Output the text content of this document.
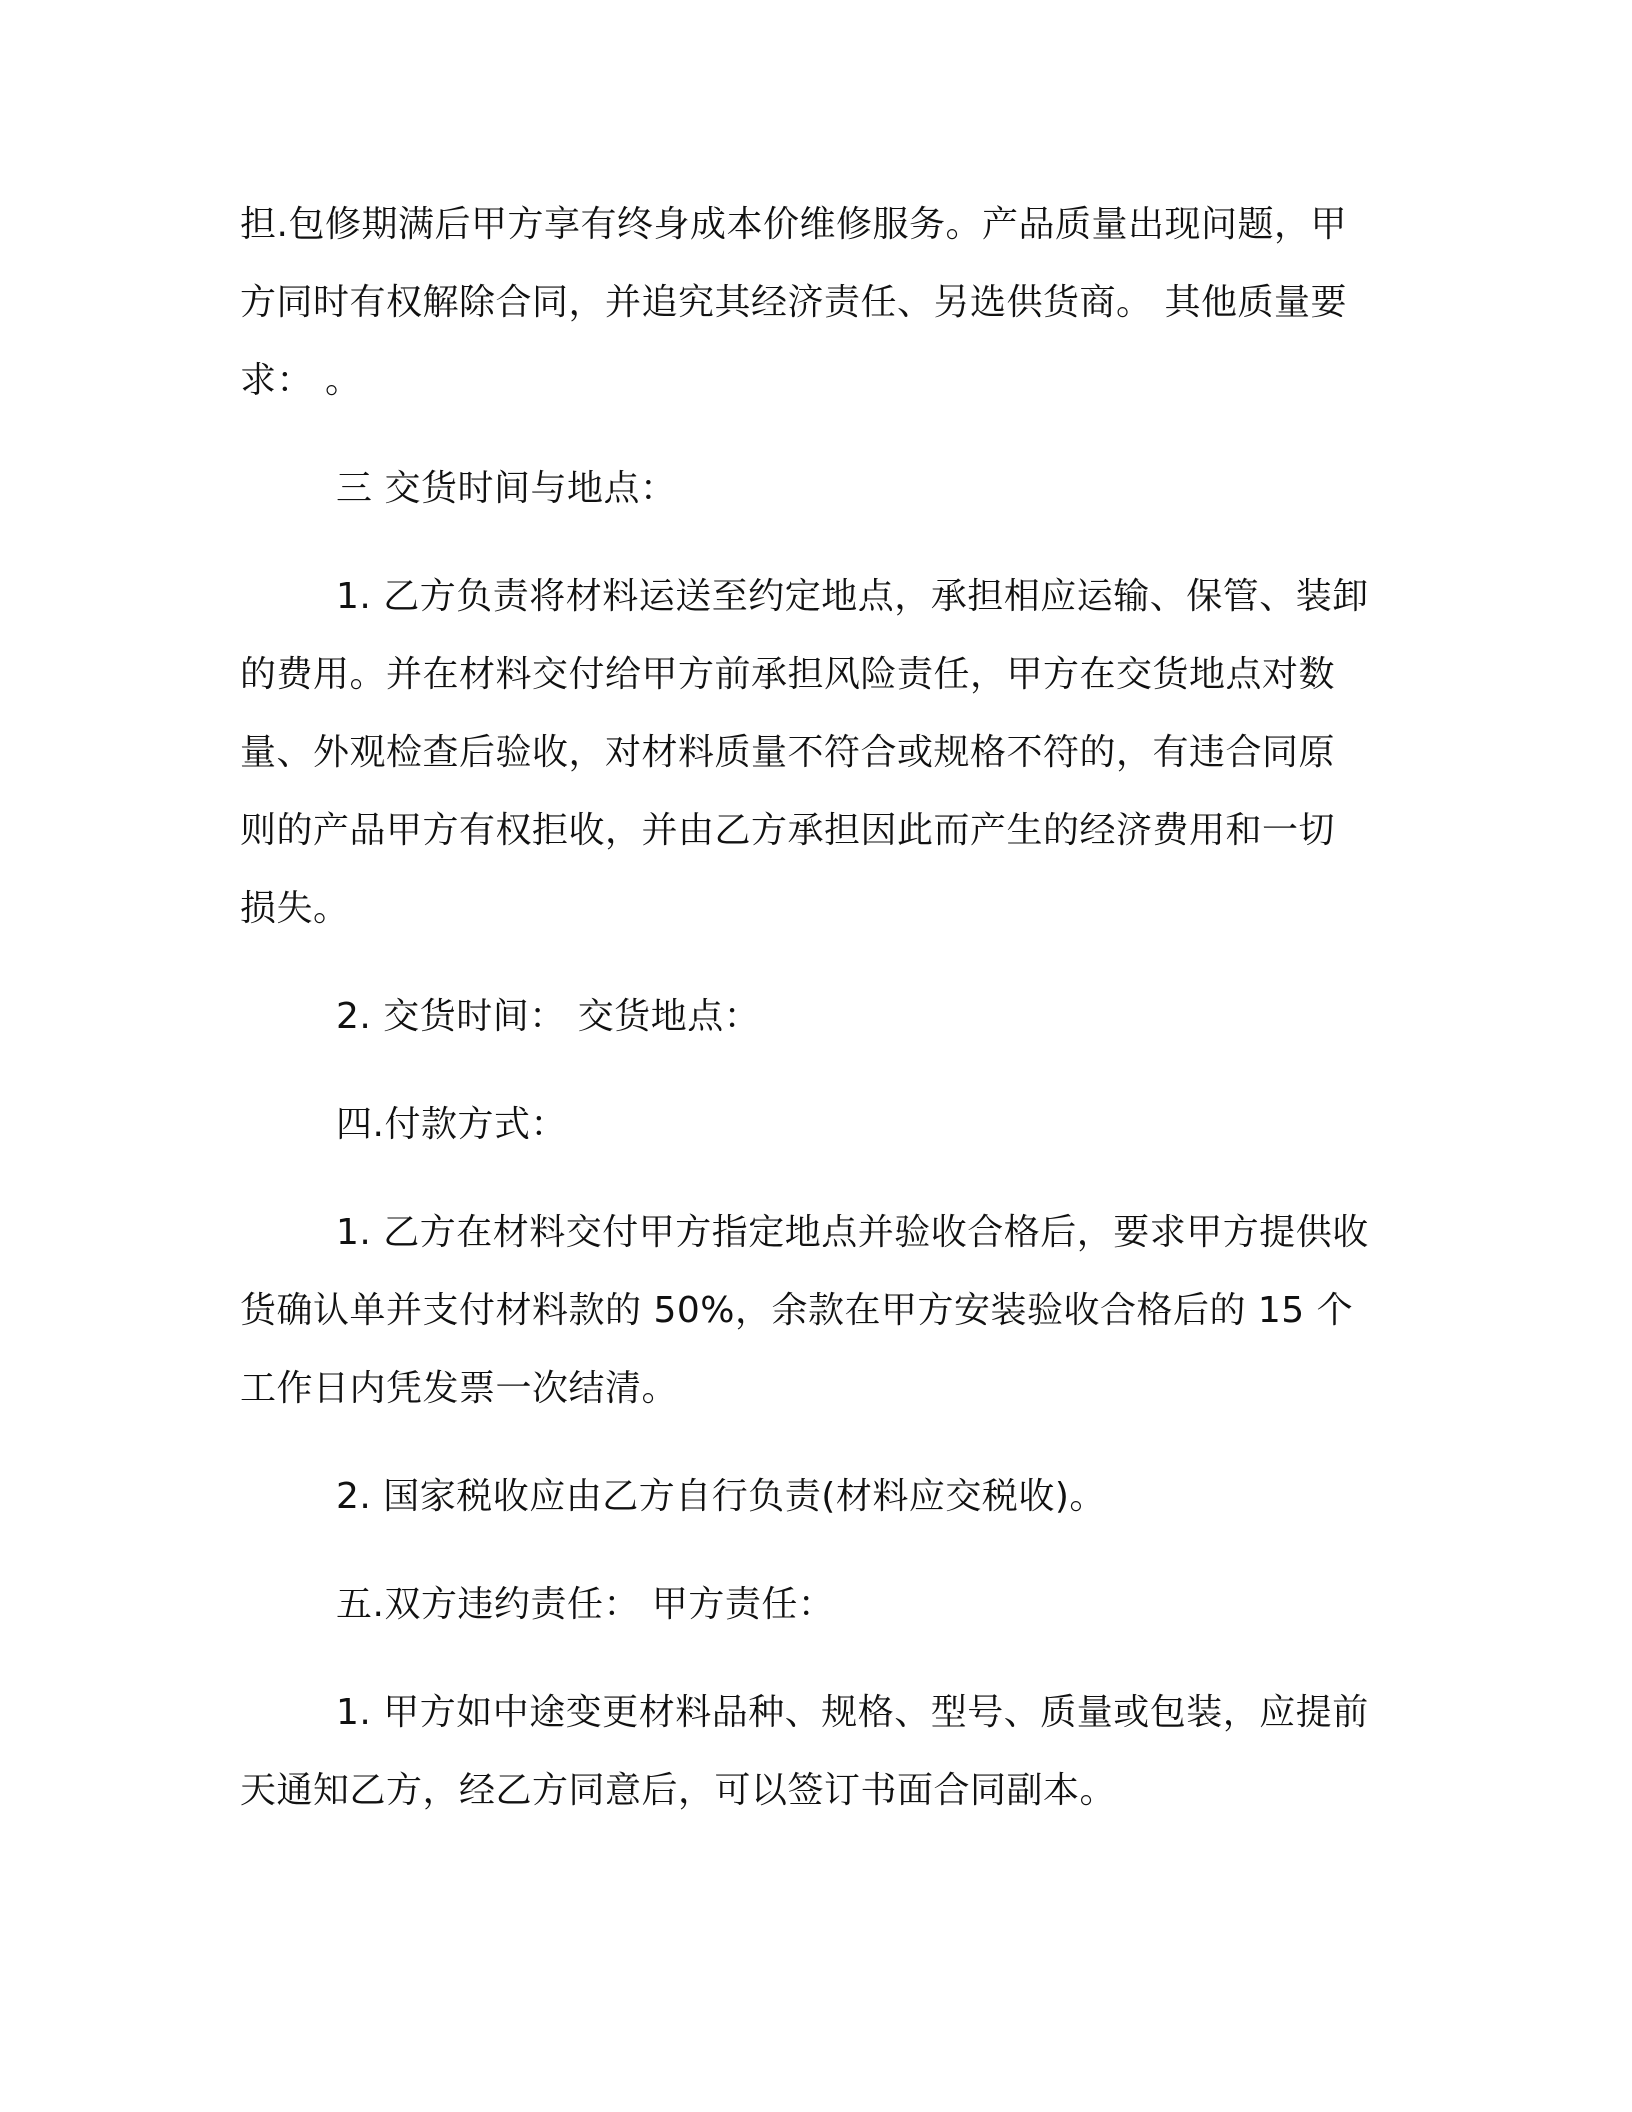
担.包修期满后甲方享有终身成本价维修服务。产品质量出现问题，甲
方同时有权解除合同，并追究其经济责任、另选供货商。 其他质量要
求： 。
三 交货时间与地点：
1. 乙方负责将材料运送至约定地点，承担相应运输、保管、装卸
的费用。并在材料交付给甲方前承担风险责任，甲方在交货地点对数
量、外观检查后验收，对材料质量不符合或规格不符的，有违合同原
则的产品甲方有权拒收，并由乙方承担因此而产生的经济费用和一切
损失。
2. 交货时间： 交货地点：
四.付款方式：
1. 乙方在材料交付甲方指定地点并验收合格后，要求甲方提供收
货确认单并支付材料款的 50%，余款在甲方安装验收合格后的 15 个
工作日内凭发票一次结清。
2. 国家税收应由乙方自行负责(材料应交税收)。
五.双方违约责任： 甲方责任：
1. 甲方如中途变更材料品种、规格、型号、质量或包装，应提前
天通知乙方，经乙方同意后，可以签订书面合同副本。
